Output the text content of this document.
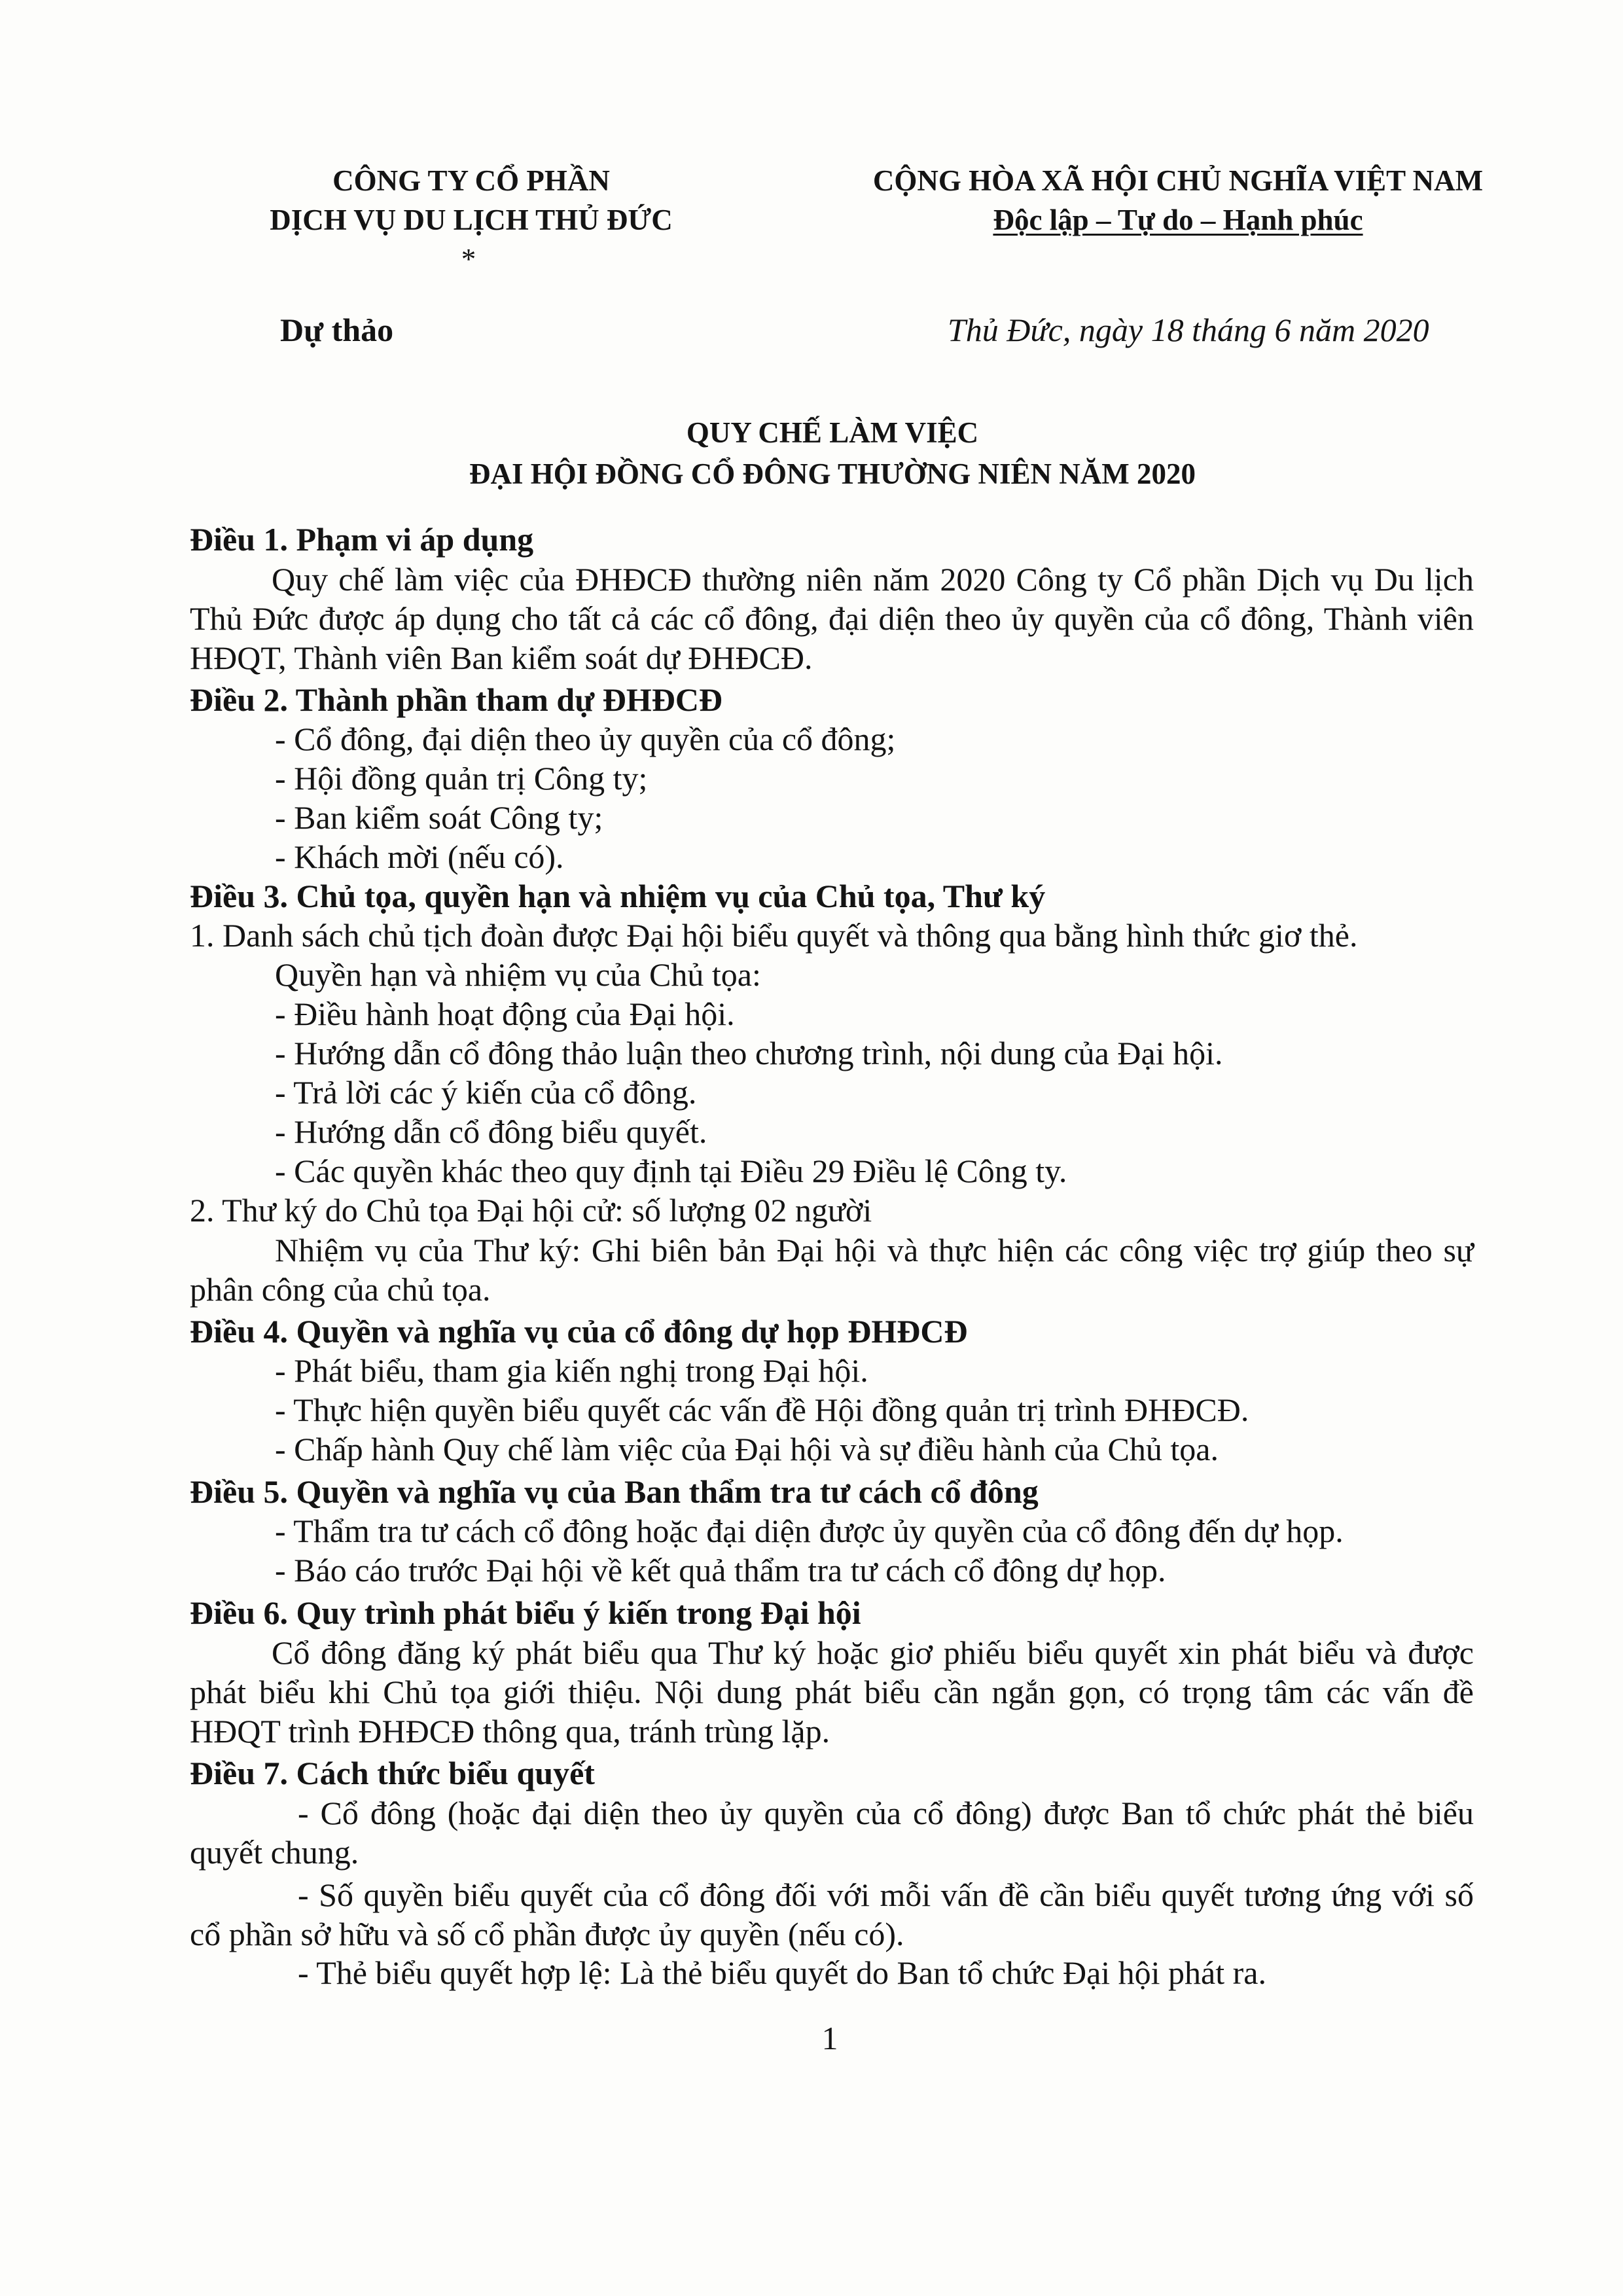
CÔNG TY CỔ PHẦN
DỊCH VỤ DU LỊCH THỦ ĐỨC
*
CỘNG HÒA XÃ HỘI CHỦ NGHĨA VIỆT NAM
Độc lập – Tự do – Hạnh phúc
Dự thảo	Thủ Đức, ngày 18 tháng 6 năm 2020
QUY CHẾ LÀM VIỆC
ĐẠI HỘI ĐỒNG CỔ ĐÔNG THƯỜNG NIÊN NĂM 2020
Điều 1. Phạm vi áp dụng
Quy chế làm việc của ĐHĐCĐ thường niên năm 2020 Công ty Cổ phần Dịch vụ Du lịch Thủ Đức được áp dụng cho tất cả các cổ đông, đại diện theo ủy quyền của cổ đông, Thành viên HĐQT, Thành viên Ban kiểm soát dự ĐHĐCĐ.
Điều 2. Thành phần tham dự ĐHĐCĐ
- Cổ đông, đại diện theo ủy quyền của cổ đông;
- Hội đồng quản trị Công ty;
- Ban kiểm soát Công ty;
- Khách mời (nếu có).
Điều 3. Chủ tọa, quyền hạn và nhiệm vụ của Chủ tọa, Thư ký
1. Danh sách chủ tịch đoàn được Đại hội biểu quyết và thông qua bằng hình thức giơ thẻ.
Quyền hạn và nhiệm vụ của Chủ tọa:
- Điều hành hoạt động của Đại hội.
- Hướng dẫn cổ đông thảo luận theo chương trình, nội dung của Đại hội.
- Trả lời các ý kiến của cổ đông.
- Hướng dẫn cổ đông biểu quyết.
- Các quyền khác theo quy định tại Điều 29 Điều lệ Công ty.
2. Thư ký do Chủ tọa Đại hội cử: số lượng 02 người
Nhiệm vụ của Thư ký: Ghi biên bản Đại hội và thực hiện các công việc trợ giúp theo sự phân công của chủ tọa.
Điều 4. Quyền và nghĩa vụ của cổ đông dự họp ĐHĐCĐ
- Phát biểu, tham gia kiến nghị trong Đại hội.
- Thực hiện quyền biểu quyết các vấn đề Hội đồng quản trị trình ĐHĐCĐ.
- Chấp hành Quy chế làm việc của Đại hội và sự điều hành của Chủ tọa.
Điều 5. Quyền và nghĩa vụ của Ban thẩm tra tư cách cổ đông
- Thẩm tra tư cách cổ đông hoặc đại diện được ủy quyền của cổ đông đến dự họp.
- Báo cáo trước Đại hội về kết quả thẩm tra tư cách cổ đông dự họp.
Điều 6. Quy trình phát biểu ý kiến trong Đại hội
Cổ đông đăng ký phát biểu qua Thư ký hoặc giơ phiếu biểu quyết xin phát biểu và được phát biểu khi Chủ tọa giới thiệu. Nội dung phát biểu cần ngắn gọn, có trọng tâm các vấn đề HĐQT trình ĐHĐCĐ thông qua, tránh trùng lặp.
Điều 7. Cách thức biểu quyết
- Cổ đông (hoặc đại diện theo ủy quyền của cổ đông) được Ban tổ chức phát thẻ biểu quyết chung.
- Số quyền biểu quyết của cổ đông đối với mỗi vấn đề cần biểu quyết tương ứng với số cổ phần sở hữu và số cổ phần được ủy quyền (nếu có).
- Thẻ biểu quyết hợp lệ: Là thẻ biểu quyết do Ban tổ chức Đại hội phát ra.
1
